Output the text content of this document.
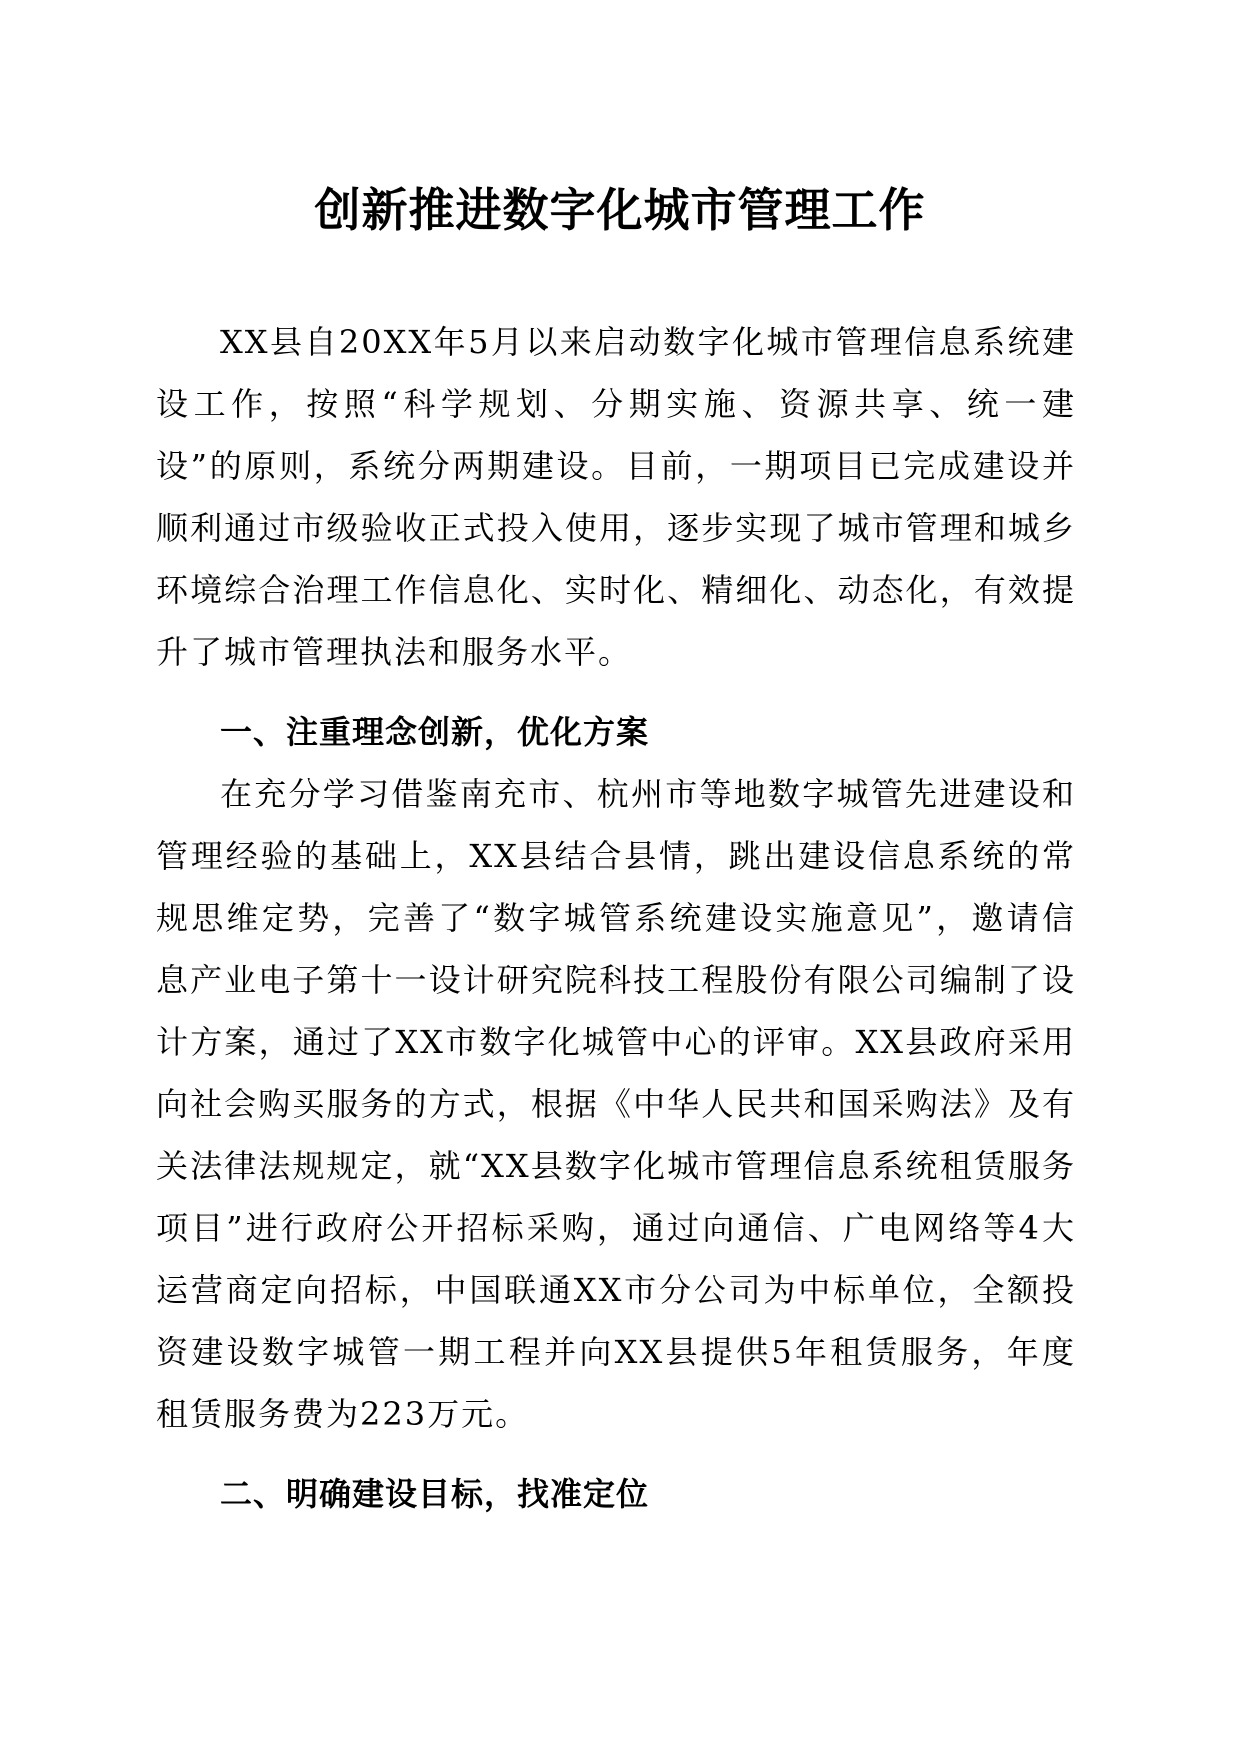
创新推进数字化城市管理工作

XX县自20XX年5月以来启动数字化城市管理信息系统建设工作，按照“科学规划、分期实施、资源共享、统一建设”的原则，系统分两期建设。目前，一期项目已完成建设并顺利通过市级验收正式投入使用，逐步实现了城市管理和城乡环境综合治理工作信息化、实时化、精细化、动态化，有效提升了城市管理执法和服务水平。

一、注重理念创新，优化方案

在充分学习借鉴南充市、杭州市等地数字城管先进建设和管理经验的基础上，XX县结合县情，跳出建设信息系统的常规思维定势，完善了“数字城管系统建设实施意见”，邀请信息产业电子第十一设计研究院科技工程股份有限公司编制了设计方案，通过了XX市数字化城管中心的评审。XX县政府采用向社会购买服务的方式，根据《中华人民共和国采购法》及有关法律法规规定，就“XX县数字化城市管理信息系统租赁服务项目”进行政府公开招标采购，通过向通信、广电网络等4大运营商定向招标，中国联通XX市分公司为中标单位，全额投资建设数字城管一期工程并向XX县提供5年租赁服务，年度租赁服务费为223万元。

二、明确建设目标，找准定位
